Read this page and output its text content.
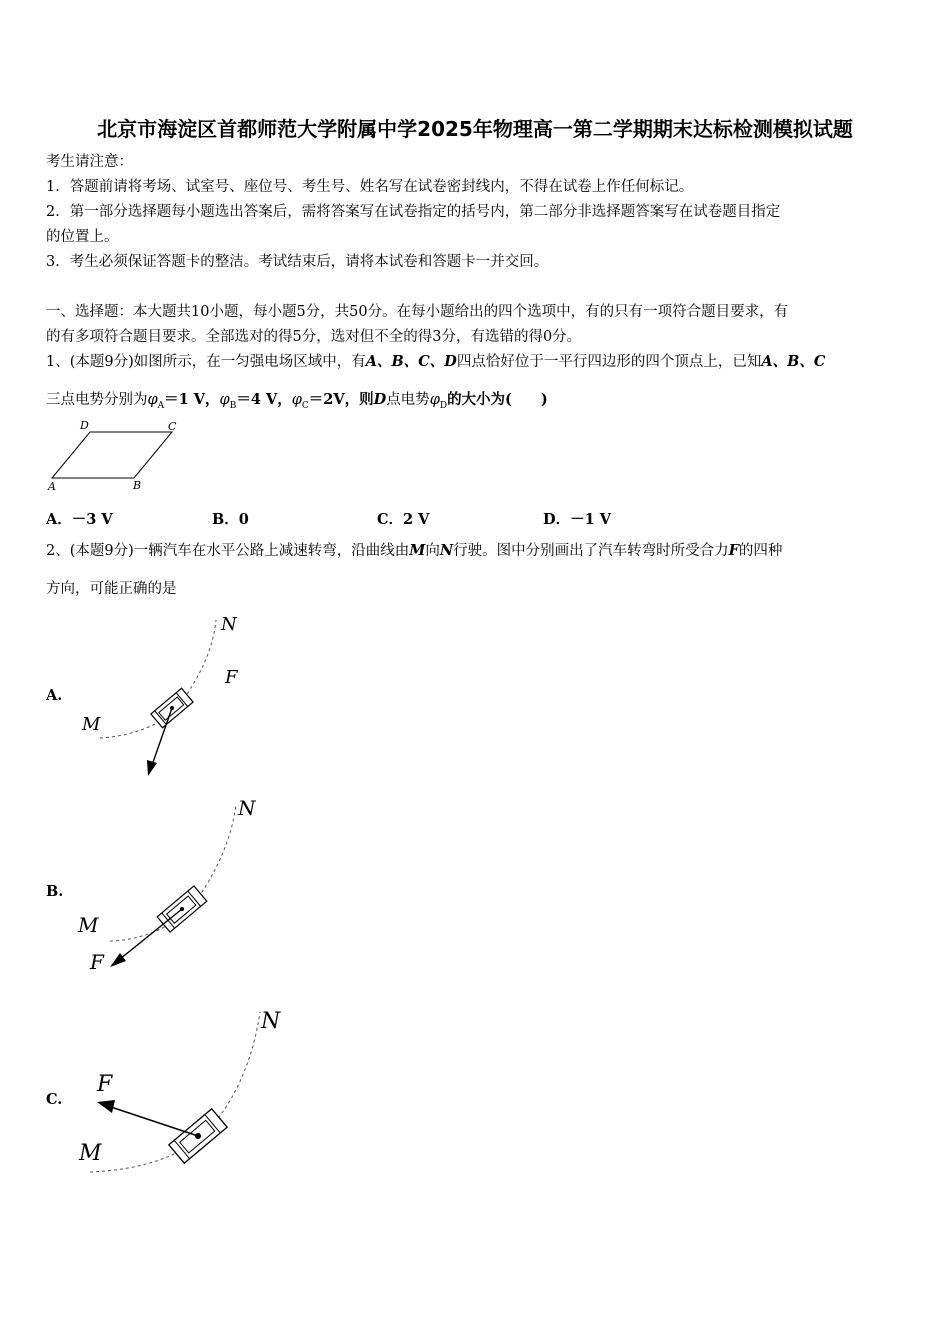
北京市海淀区首都师范大学附属中学2025年物理高一第二学期期末达标检测模拟试题
考生请注意：
1．答题前请将考场、试室号、座位号、考生号、姓名写在试卷密封线内，不得在试卷上作任何标记。
2．第一部分选择题每小题选出答案后，需将答案写在试卷指定的括号内，第二部分非选择题答案写在试卷题目指定
的位置上。
3．考生必须保证答题卡的整洁。考试结束后，请将本试卷和答题卡一并交回。
一、选择题：本大题共10小题，每小题5分，共50分。在每小题给出的四个选项中，有的只有一项符合题目要求，有
的有多项符合题目要求。全部选对的得5分，选对但不全的得3分，有选错的得0分。
1、(本题9分)如图所示，在一匀强电场区域中，有A、B、C、D四点恰好位于一平行四边形的四个顶点上，已知A、B、C
三点电势分别为$\varphi_A=1$ V，$\varphi_B=4$ V，$\varphi_C=2V$，则D点电势$\varphi_D$的大小为(　　)
D	C
A	B
A．－3 V	B．0	C．2 V	D．－1 V
2、(本题9分)一辆汽车在水平公路上减速转弯，沿曲线由M向N行驶。图中分别画出了汽车转弯时所受合力F的四种
方向，可能正确的是
A.
N
F
M
B.
N
M
F
C.
N
F
M
